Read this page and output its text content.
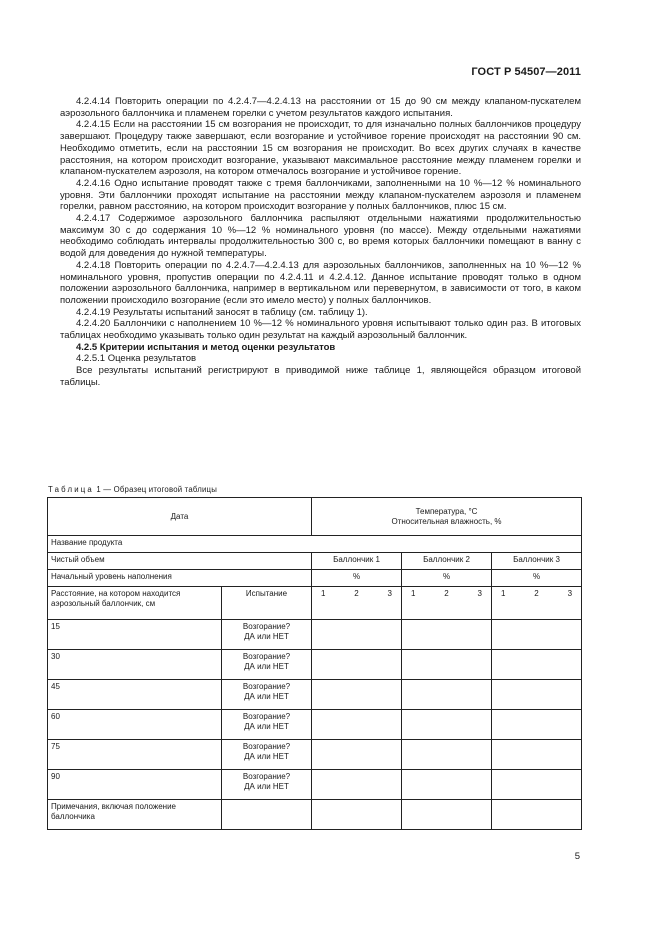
ГОСТ Р 54507—2011

4.2.4.14 Повторить операции по 4.2.4.7—4.2.4.13 на расстоянии от 15 до 90 см между клапаном-пускателем аэрозольного баллончика и пламенем горелки с учетом результатов каждого испытания.

4.2.4.15 Если на расстоянии 15 см возгорания не происходит, то для изначально полных баллончиков процедуру завершают. Процедуру также завершают, если возгорание и устойчивое горение происходят на расстоянии 90 см. Необходимо отметить, если на расстоянии 15 см возгорания не происходит. Во всех других случаях в качестве расстояния, на котором происходит возгорание, указывают максимальное расстояние между пламенем горелки и клапаном-пускателем аэрозоля, на котором отмечалось возгорание и устойчивое горение.

4.2.4.16 Одно испытание проводят также с тремя баллончиками, заполненными на 10 %—12 % номинального уровня. Эти баллончики проходят испытание на расстоянии между клапаном-пускателем аэрозоля и пламенем горелки, равном расстоянию, на котором происходит возгорание у полных баллончиков, плюс 15 см.

4.2.4.17 Содержимое аэрозольного баллончика распыляют отдельными нажатиями продолжительностью максимум 30 с до содержания 10 %—12 % номинального уровня (по массе). Между отдельными нажатиями необходимо соблюдать интервалы продолжительностью 300 с, во время которых баллончики помещают в ванну с водой для доведения до нужной температуры.

4.2.4.18 Повторить операции по 4.2.4.7—4.2.4.13 для аэрозольных баллончиков, заполненных на 10 %—12 % номинального уровня, пропустив операции по 4.2.4.11 и 4.2.4.12. Данное испытание проводят только в одном положении аэрозольного баллончика, например в вертикальном или перевернутом, в зависимости от того, в каком положении происходило возгорание (если это имело место) у полных баллончиков.

4.2.4.19 Результаты испытаний заносят в таблицу (см. таблицу 1).

4.2.4.20 Баллончики с наполнением 10 %—12 % номинального уровня испытывают только один раз. В итоговых таблицах необходимо указывать только один результат на каждый аэрозольный баллончик.

4.2.5 Критерии испытания и метод оценки результатов

4.2.5.1 Оценка результатов

Все результаты испытаний регистрируют в приводимой ниже таблице 1, являющейся образцом итоговой таблицы.

Таблица 1 — Образец итоговой таблицы
Дата		Температура, °С
Относительная влажность, %		

Название продукта				
Чистый объем		Баллончик 1	Баллончик 2	Баллончик 3
Начальный уровень наполнения		%	%	%
Расстояние, на котором находится аэрозольный баллончик, см	Испытание	1 2 3	1 2 3	1 2 3

15	Возгорание?
ДА или НЕТ			

30	Возгорание?
ДА или НЕТ			

45	Возгорание?
ДА или НЕТ			

60	Возгорание?
ДА или НЕТ			

75	Возгорание?
ДА или НЕТ			

90	Возгорание?
ДА или НЕТ			

Примечания, включая положение баллончика				
5
